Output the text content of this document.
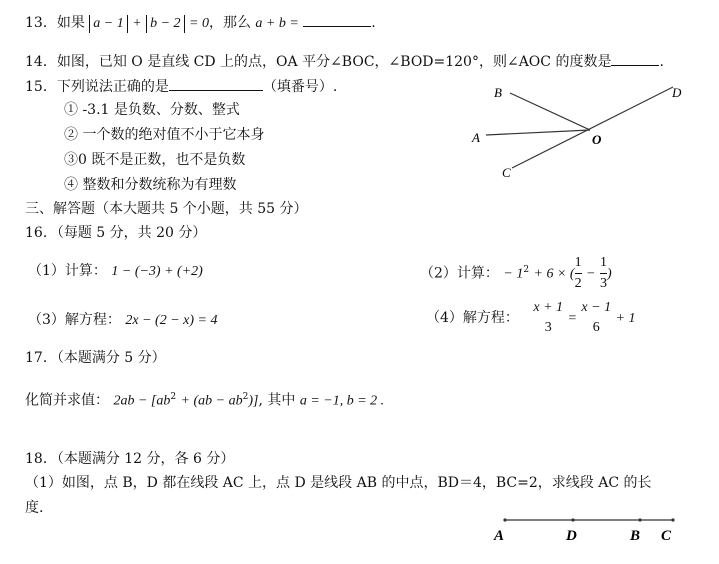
13．如果 a − 1 + b − 2 = 0，那么 a + b =	.
14．如图，已知 O 是直线 CD 上的点，OA 平分∠BOC，∠BOD=120°，则∠AOC 的度数是	.
15．下列说法正确的是	（填番号）.
① -3.1 是负数、分数、整式
② 一个数的绝对值不小于它本身
③0 既不是正数，也不是负数
④ 整数和分数统称为有理数
B	D
A	O
C
三、解答题（本大题共 5 个小题，共 55 分）
16．（每题 5 分，共 20 分）
（1）计算： 1 − (−3) + (+2)	（2）计算： − $1^2 + 6$ × ( $\frac{1}{2} - \frac{1}{3}$ )
（3）解方程： 2x − (2 − x) = 4	（4）解方程：
x + 1
3
=
x − 1
6
+ 1
17．（本题满分 5 分）
化简并求值： $2ab - [ab^2 + (ab - ab^2)]$, 其中 a = −1, b = 2 .
18．（本题满分 12 分，各 6 分）
（1）如图，点 B，D 都在线段 AC 上，点 D 是线段 AB 的中点，BD＝4，BC=2，求线段 AC 的长
度.
A	D	B C
